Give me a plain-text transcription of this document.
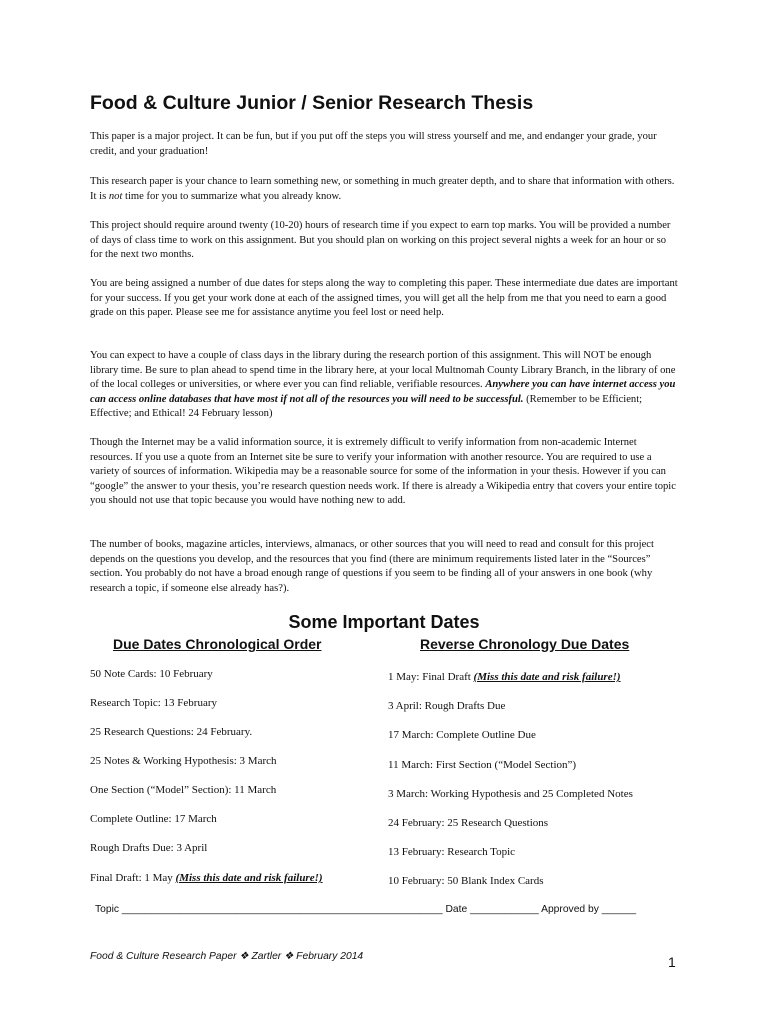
Food & Culture Junior / Senior Research Thesis

This paper is a major project. It can be fun, but if you put off the steps you will stress yourself and me, and endanger your grade, your credit, and your graduation!

This research paper is your chance to learn something new, or something in much greater depth, and to share that information with others. It is not time for you to summarize what you already know.

This project should require around twenty (10-20) hours of research time if you expect to earn top marks. You will be provided a number of days of class time to work on this assignment. But you should plan on working on this project several nights a week for an hour or so for the next two months.

You are being assigned a number of due dates for steps along the way to completing this paper. These intermediate due dates are important for your success. If you get your work done at each of the assigned times, you will get all the help from me that you need to earn a good grade on this paper. Please see me for assistance anytime you feel lost or need help.

You can expect to have a couple of class days in the library during the research portion of this assignment. This will NOT be enough library time. Be sure to plan ahead to spend time in the library here, at your local Multnomah County Library Branch, in the library of one of the local colleges or universities, or where ever you can find reliable, verifiable resources. Anywhere you can have internet access you can access online databases that have most if not all of the resources you will need to be successful. (Remember to be Efficient; Effective; and Ethical! 24 February lesson)

Though the Internet may be a valid information source, it is extremely difficult to verify information from non-academic Internet resources. If you use a quote from an Internet site be sure to verify your information with another resource. You are required to use a variety of sources of information. Wikipedia may be a reasonable source for some of the information in your thesis. However if you can “google” the answer to your thesis, you’re research question needs work. If there is already a Wikipedia entry that covers your entire topic you should not use that topic because you would have nothing new to add.

The number of books, magazine articles, interviews, almanacs, or other sources that you will need to read and consult for this project depends on the questions you develop, and the resources that you find (there are minimum requirements listed later in the “Sources” section. You probably do not have a broad enough range of questions if you seem to be finding all of your answers in one book (why research a topic, if someone else already has?).

Some Important Dates
Due Dates Chronological Order	Reverse Chronology Due Dates

50 Note Cards: 10 February

Research Topic: 13 February

25 Research Questions: 24 February.

25 Notes & Working Hypothesis: 3 March

One Section (“Model” Section): 11 March

Complete Outline: 17 March

Rough Drafts Due: 3 April

Final Draft: 1 May (Miss this date and risk failure!)

1 May: Final Draft (Miss this date and risk failure!)

3 April: Rough Drafts Due

17 March: Complete Outline Due

11 March: First Section (“Model Section”)

3 March: Working Hypothesis and 25 Completed Notes

24 February: 25 Research Questions

13 February: Research Topic

10 February: 50 Blank Index Cards

Topic ________________________________________________________ Date ____________ Approved by ______

Food & Culture Research Paper ❖ Zartler ❖ February 2014	1
